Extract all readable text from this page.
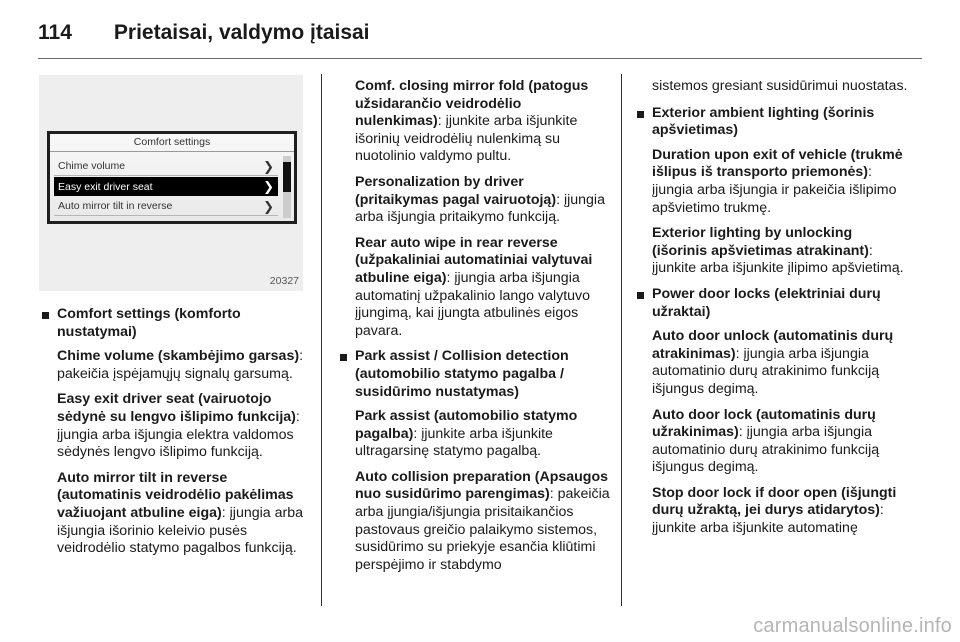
114 Prietaisai, valdymo įtaisai
Comfort settings
Chime volume	❯
Easy exit driver seat	❯
Auto mirror tilt in reverse	❯
20327
Comfort settings (komforto nustatymai)

Chime volume (skambėjimo garsas): pakeičia įspėjamųjų signalų garsumą.

Easy exit driver seat (vairuotojo sėdynė su lengvo išlipimo funkcija): įjungia arba išjungia elektra valdomos sėdynės lengvo išlipimo funkciją.

Auto mirror tilt in reverse (automatinis veidrodėlio pakėlimas važiuojant atbuline eiga): įjungia arba išjungia išorinio keleivio pusės veidrodėlio statymo pagalbos funkciją.

Comf. closing mirror fold (patogus užsidarančio veidrodėlio nulenkimas): įjunkite arba išjunkite išorinių veidrodėlių nulenkimą su nuotolinio valdymo pultu.

Personalization by driver (pritaikymas pagal vairuotoją): įjungia arba išjungia pritaikymo funkciją.

Rear auto wipe in rear reverse (užpakaliniai automatiniai valytuvai atbuline eiga): įjungia arba išjungia automatinį užpakalinio lango valytuvo įjungimą, kai įjungta atbulinės eigos pavara.

Park assist / Collision detection (automobilio statymo pagalba / susidūrimo nustatymas)

Park assist (automobilio statymo pagalba): įjunkite arba išjunkite ultragarsinę statymo pagalbą.

Auto collision preparation (Apsaugos nuo susidūrimo parengimas): pakeičia arba įjungia/išjungia prisitaikančios pastovaus greičio palaikymo sistemos, susidūrimo su priekyje esančia kliūtimi perspėjimo ir stabdymo

sistemos gresiant susidūrimui nuostatas.

Exterior ambient lighting (šorinis apšvietimas)

Duration upon exit of vehicle (trukmė išlipus iš transporto priemonės): įjungia arba išjungia ir pakeičia išlipimo apšvietimo trukmę.

Exterior lighting by unlocking (išorinis apšvietimas atrakinant): įjunkite arba išjunkite įlipimo apšvietimą.

Power door locks (elektriniai durų užraktai)

Auto door unlock (automatinis durų atrakinimas): įjungia arba išjungia automatinio durų atrakinimo funkciją išjungus degimą.

Auto door lock (automatinis durų užrakinimas): įjungia arba išjungia automatinio durų atrakinimo funkciją išjungus degimą.

Stop door lock if door open (išjungti durų užraktą, jei durys atidarytos): įjunkite arba išjunkite automatinę

carmanualsonline.info
